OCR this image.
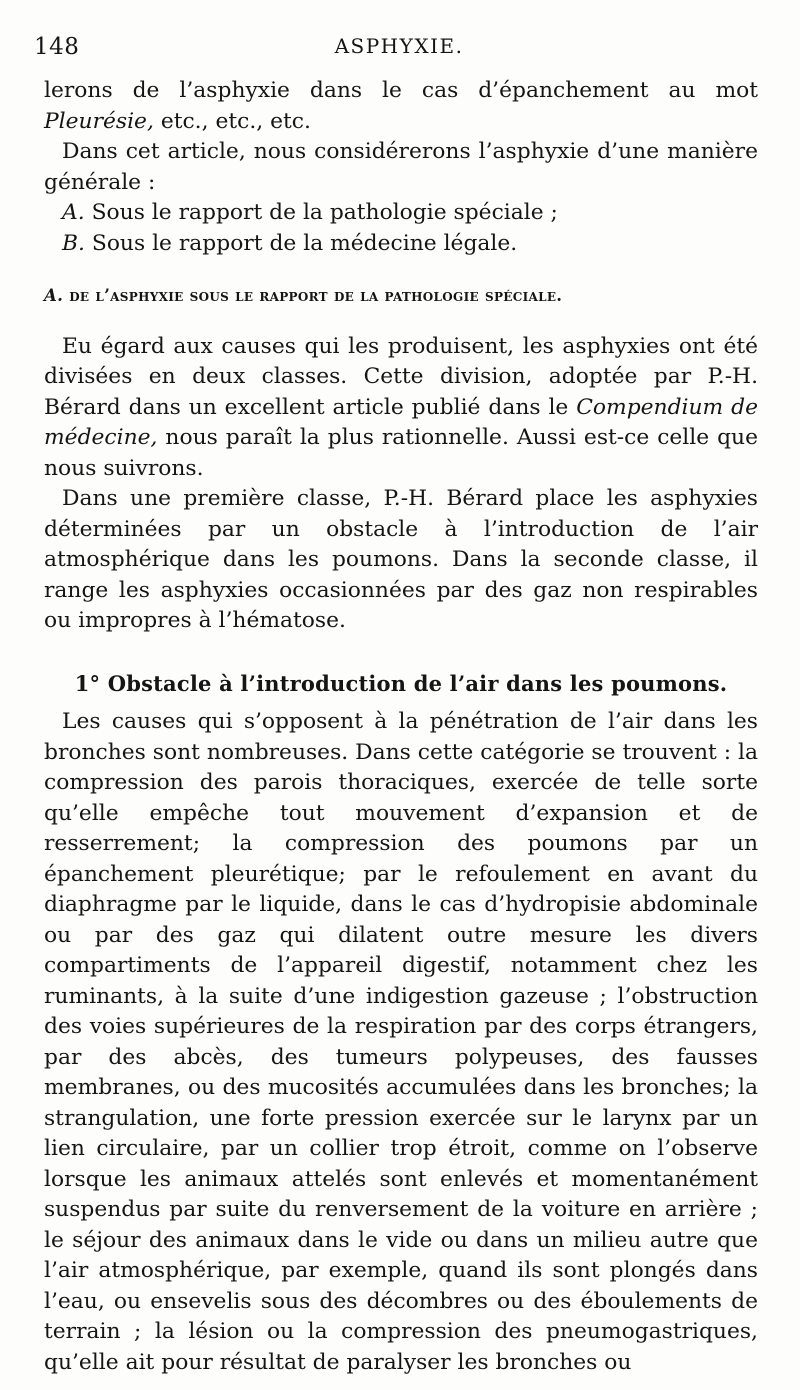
148	ASPHYXIE.

lerons de l’asphyxie dans le cas d’épanchement au mot Pleurésie, etc., etc., etc.

Dans cet article, nous considérerons l’asphyxie d’une manière générale :

A. Sous le rapport de la pathologie spéciale ;

B. Sous le rapport de la médecine légale.

A. de l’asphyxie sous le rapport de la pathologie spéciale.

Eu égard aux causes qui les produisent, les asphyxies ont été divisées en deux classes. Cette division, adoptée par P.-H. Bérard dans un excellent article publié dans le Compendium de médecine, nous paraît la plus rationnelle. Aussi est-ce celle que nous suivrons.

Dans une première classe, P.-H. Bérard place les asphyxies déterminées par un obstacle à l’introduction de l’air atmosphérique dans les poumons. Dans la seconde classe, il range les asphyxies occasionnées par des gaz non respirables ou impropres à l’hématose.

1° Obstacle à l’introduction de l’air dans les poumons.

Les causes qui s’opposent à la pénétration de l’air dans les bronches sont nombreuses. Dans cette catégorie se trouvent : la compression des parois thoraciques, exercée de telle sorte qu’elle empêche tout mouvement d’expansion et de resserrement; la compression des poumons par un épanchement pleurétique; par le refoulement en avant du diaphragme par le liquide, dans le cas d’hydropisie abdominale ou par des gaz qui dilatent outre mesure les divers compartiments de l’appareil digestif, notamment chez les ruminants, à la suite d’une indigestion gazeuse ; l’obstruction des voies supérieures de la respiration par des corps étrangers, par des abcès, des tumeurs polypeuses, des fausses membranes, ou des mucosités accumulées dans les bronches; la strangulation, une forte pression exercée sur le larynx par un lien circulaire, par un collier trop étroit, comme on l’observe lorsque les animaux attelés sont enlevés et momentanément suspendus par suite du renversement de la voiture en arrière ; le séjour des animaux dans le vide ou dans un milieu autre que l’air atmosphérique, par exemple, quand ils sont plongés dans l’eau, ou ensevelis sous des décombres ou des éboulements de terrain ; la lésion ou la compression des pneumogastriques, qu’elle ait pour résultat de paralyser les bronches ou
